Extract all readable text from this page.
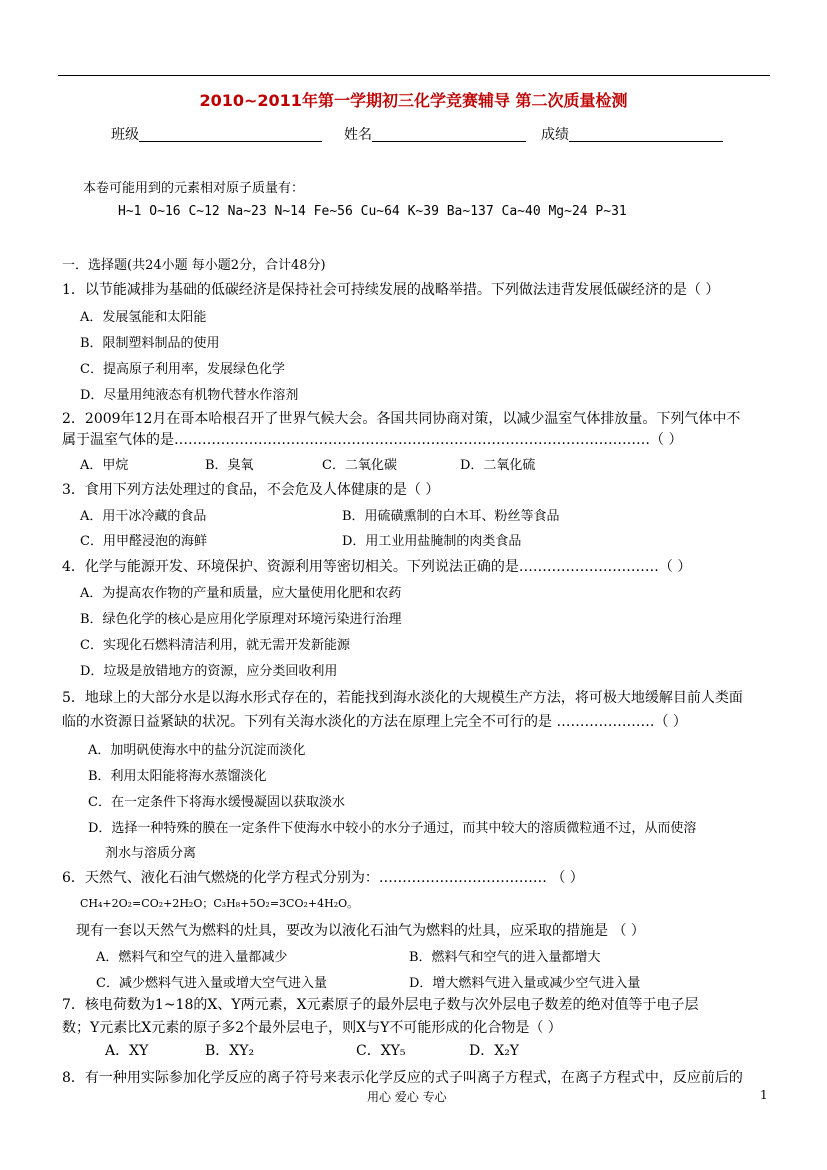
2010~2011年第一学期初三化学竞赛辅导 第二次质量检测
班级	姓名	成绩
本卷可能用到的元素相对原子质量有：
H~1 O~16 C~12 Na~23 N~14 Fe~56 Cu~64 K~39 Ba~137 Ca~40 Mg~24 P~31
一．选择题(共24小题 每小题2分，合计48分)
1．以节能减排为基础的低碳经济是保持社会可持续发展的战略举措。下列做法违背发展低碳经济的是（ ）
A．发展氢能和太阳能
B．限制塑料制品的使用
C．提高原子利用率，发展绿色化学
D．尽量用纯液态有机物代替水作溶剂
2．2009年12月在哥本哈根召开了世界气候大会。各国共同协商对策，以减少温室气体排放量。下列气体中不
属于温室气体的是…………………………………………………………………………………………（ ）
A．甲烷	B．臭氧	C．二氧化碳	D．二氧化硫
3．食用下列方法处理过的食品，不会危及人体健康的是（ ）
A．用干冰冷藏的食品	B．用硫磺熏制的白木耳、粉丝等食品
C．用甲醛浸泡的海鲜	D．用工业用盐腌制的肉类食品
4．化学与能源开发、环境保护、资源利用等密切相关。下列说法正确的是…………………………（ ）
A．为提高农作物的产量和质量，应大量使用化肥和农药
B．绿色化学的核心是应用化学原理对环境污染进行治理
C．实现化石燃料清洁利用，就无需开发新能源
D．垃圾是放错地方的资源，应分类回收利用
5．地球上的大部分水是以海水形式存在的，若能找到海水淡化的大规模生产方法，将可极大地缓解目前人类面
临的水资源日益紧缺的状况。下列有关海水淡化的方法在原理上完全不可行的是 …………………（ ）
A．加明矾使海水中的盐分沉淀而淡化
B．利用太阳能将海水蒸馏淡化
C．在一定条件下将海水缓慢凝固以获取淡水
D．选择一种特殊的膜在一定条件下使海水中较小的水分子通过，而其中较大的溶质微粒通不过，从而使溶
剂水与溶质分离
6．天然气、液化石油气燃烧的化学方程式分别为：……………………………… （ ）
CH₄+2O₂=CO₂+2H₂O；C₃H₈+5O₂=3CO₂+4H₂O。
现有一套以天然气为燃料的灶具，要改为以液化石油气为燃料的灶具，应采取的措施是 （ ）
A．燃料气和空气的进入量都减少	B．燃料气和空气的进入量都增大
C．减少燃料气进入量或增大空气进入量	D．增大燃料气进入量或减少空气进入量
7．核电荷数为1~18的X、Y两元素，X元素原子的最外层电子数与次外层电子数差的绝对值等于电子层
数；Y元素比X元素的原子多2个最外层电子，则X与Y不可能形成的化合物是（ ）
A．XY	B．XY₂	C．XY₅	D．X₂Y
8．有一种用实际参加化学反应的离子符号来表示化学反应的式子叫离子方程式，在离子方程式中，反应前后的
用心 爱心 专心	1
